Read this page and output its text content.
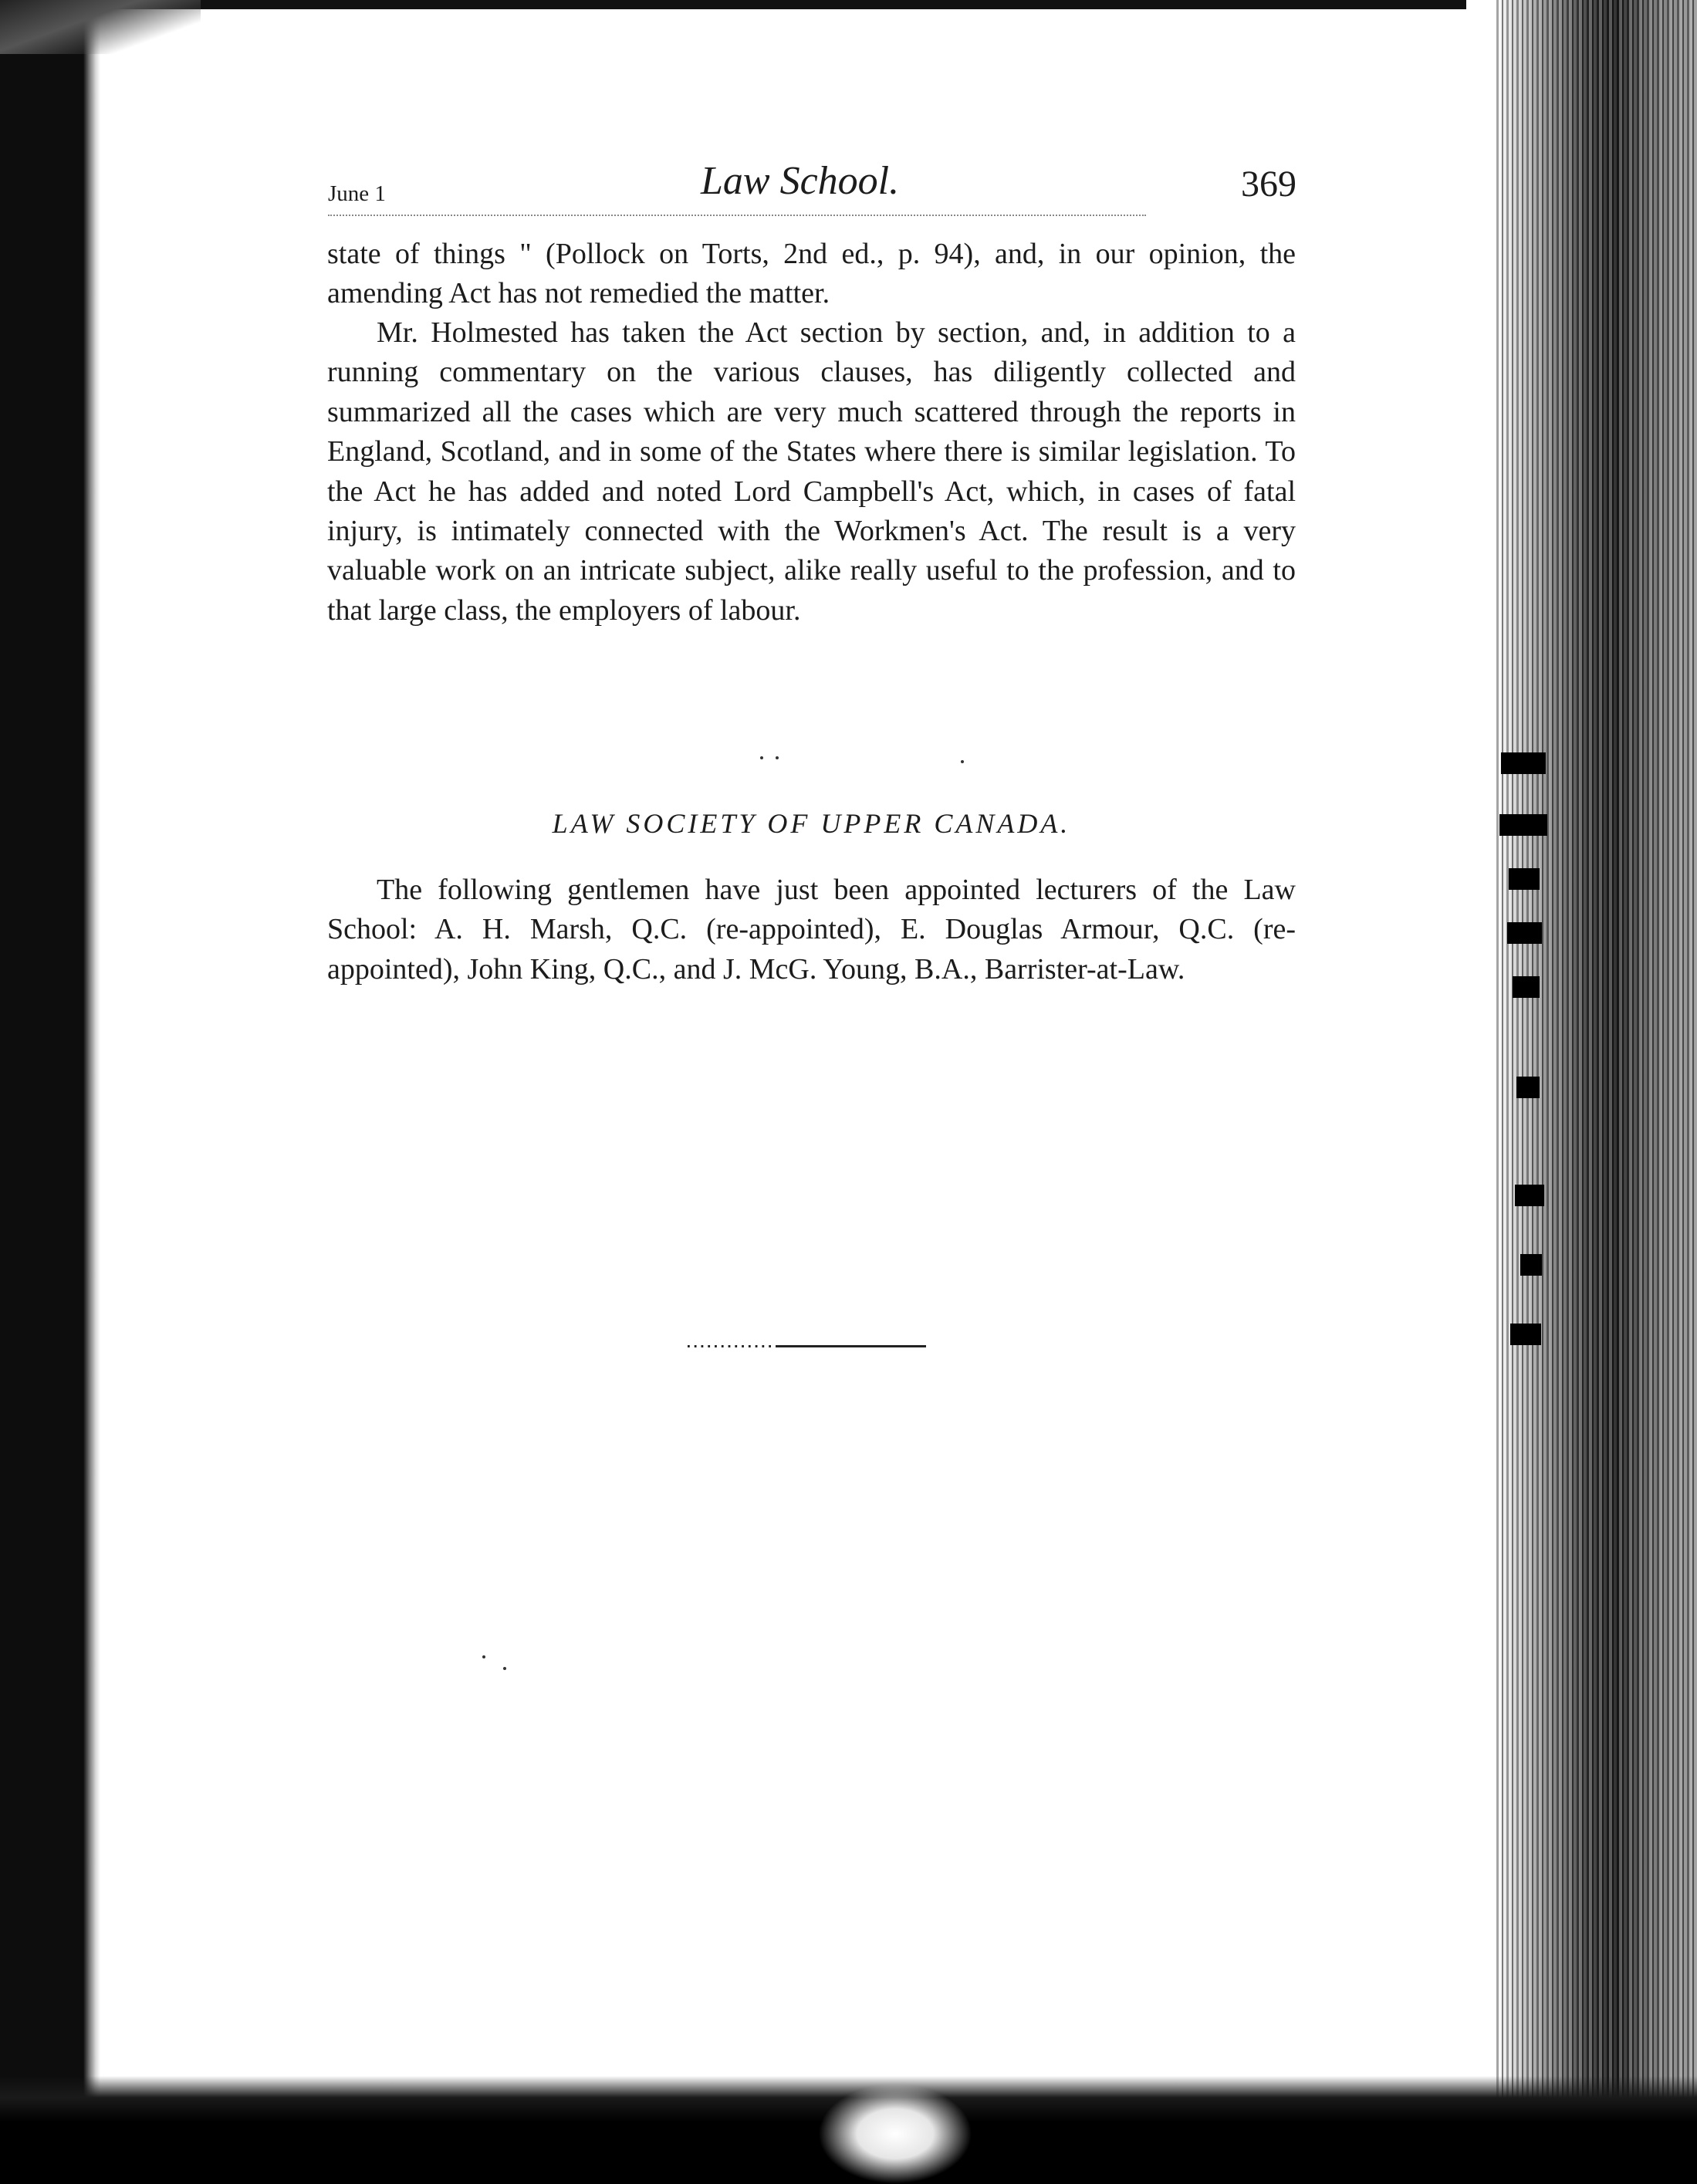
June 1	Law School.	369

state of things " (Pollock on Torts, 2nd ed., p. 94), and, in our opinion, the amending Act has not remedied the matter.

Mr. Holmested has taken the Act section by section, and, in addition to a running commentary on the various clauses, has diligently collected and summarized all the cases which are very much scattered through the reports in England, Scotland, and in some of the States where there is similar legislation. To the Act he has added and noted Lord Campbell's Act, which, in cases of fatal injury, is intimately connected with the Workmen's Act. The result is a very valuable work on an intricate subject, alike really useful to the profession, and to that large class, the employers of labour.

LAW SOCIETY OF UPPER CANADA.

The following gentlemen have just been appointed lecturers of the Law School: A. H. Marsh, Q.C. (re-appointed), E. Douglas Armour, Q.C. (re-appointed), John King, Q.C., and J. McG. Young, B.A., Barrister-at-Law.
